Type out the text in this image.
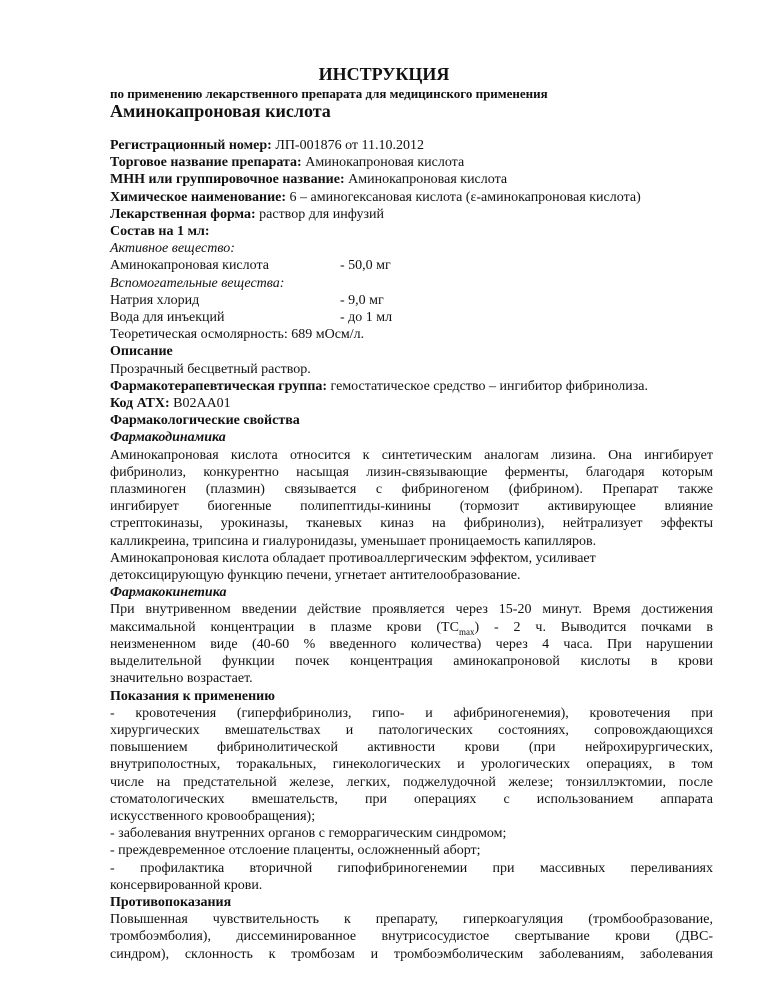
ИНСТРУКЦИЯ
по применению лекарственного препарата для медицинского применения
Аминокапроновая кислота
Регистрационный номер: ЛП-001876 от 11.10.2012
Торговое название препарата: Аминокапроновая кислота
МНН или группировочное название: Аминокапроновая кислота
Химическое наименование: 6 – аминогексановая кислота (ε-аминокапроновая кислота)
Лекарственная форма: раствор для инфузий
Состав на 1 мл:
Активное вещество:
Аминокапроновая кислота	- 50,0 мг
Вспомогательные вещества:
Натрия хлорид	- 9,0 мг
Вода для инъекций	- до 1 мл
Теоретическая осмолярность: 689 мОсм/л.
Описание
Прозрачный бесцветный раствор.
Фармакотерапевтическая группа: гемостатическое средство – ингибитор фибринолиза.
Код АТХ: B02AA01
Фармакологические свойства
Фармакодинамика
Аминокапроновая кислота относится к синтетическим аналогам лизина. Она ингибирует
фибринолиз, конкурентно насыщая лизин-связывающие ферменты, благодаря которым
плазминоген (плазмин) связывается с фибриногеном (фибрином). Препарат также
ингибирует биогенные полипептиды-кинины (тормозит активирующее влияние
стрептокиназы, урокиназы, тканевых киназ на фибринолиз), нейтрализует эффекты
калликреина, трипсина и гиалуронидазы, уменьшает проницаемость капилляров.
Аминокапроновая кислота обладает противоаллергическим эффектом, усиливает
детоксицирующую функцию печени, угнетает антителообразование.
Фармакокинетика
При внутривенном введении действие проявляется через 15-20 минут. Время достижения
максимальной концентрации в плазме крови $(TC_{max}) - 2$ ч. Выводится почками в
неизмененном виде (40-60 % введенного количества) через 4 часа. При нарушении
выделительной функции почек концентрация аминокапроновой кислоты в крови
значительно возрастает.
Показания к применению
- кровотечения (гиперфибринолиз, гипо- и афибриногенемия), кровотечения при
хирургических вмешательствах и патологических состояниях, сопровождающихся
повышением фибринолитической активности крови (при нейрохирургических,
внутриполостных, торакальных, гинекологических и урологических операциях, в том
числе на предстательной железе, легких, поджелудочной железе; тонзиллэктомии, после
стоматологических вмешательств, при операциях с использованием аппарата
искусственного кровообращения);
- заболевания внутренних органов с геморрагическим синдромом;
- преждевременное отслоение плаценты, осложненный аборт;
- профилактика вторичной гипофибриногенемии при массивных переливаниях
консервированной крови.
Противопоказания
Повышенная чувствительность к препарату, гиперкоагуляция (тромбообразование,
тромбоэмболия), диссеминированное внутрисосудистое свертывание крови (ДВС-
синдром), склонность к тромбозам и тромбоэмболическим заболеваниям, заболевания
